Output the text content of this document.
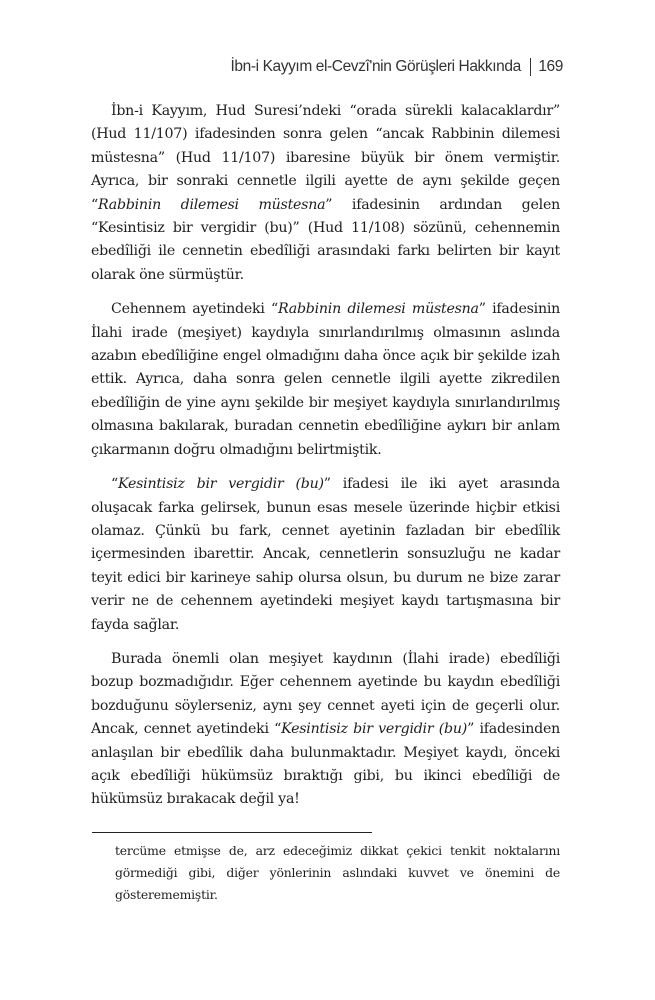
İbn-i Kayyım el-Cevzî'nin Görüşleri Hakkında 169

İbn-i Kayyım, Hud Suresi’ndeki “orada sürekli kalacaklardır” (Hud 11/107) ifadesinden sonra gelen “ancak Rabbinin dilemesi müstesna” (Hud 11/107) ibaresine büyük bir önem vermiştir. Ayrıca, bir sonraki cennetle ilgili ayette de aynı şekilde geçen “Rabbinin dilemesi müstesna” ifadesinin ardından gelen “Kesintisiz bir vergidir (bu)” (Hud 11/108) sözünü, cehennemin ebedîliği ile cennetin ebedîliği arasındaki farkı belirten bir kayıt olarak öne sürmüştür.

Cehennem ayetindeki “Rabbinin dilemesi müstesna” ifadesinin İlahi irade (meşiyet) kaydıyla sınırlandırılmış olmasının aslında azabın ebedîliğine engel olmadığını daha önce açık bir şekilde izah ettik. Ayrıca, daha sonra gelen cennetle ilgili ayette zikredilen ebedîliğin de yine aynı şekilde bir meşiyet kaydıyla sınırlandırılmış olmasına bakılarak, buradan cennetin ebedîliğine aykırı bir anlam çıkarmanın doğru olmadığını belirtmiştik.

“Kesintisiz bir vergidir (bu)” ifadesi ile iki ayet arasında oluşacak farka gelirsek, bunun esas mesele üzerinde hiçbir etkisi olamaz. Çünkü bu fark, cennet ayetinin fazladan bir ebedîlik içermesinden ibarettir. Ancak, cennetlerin sonsuzluğu ne kadar teyit edici bir karineye sahip olursa olsun, bu durum ne bize zarar verir ne de cehennem ayetindeki meşiyet kaydı tartışmasına bir fayda sağlar.

Burada önemli olan meşiyet kaydının (İlahi irade) ebedîliği bozup bozmadığıdır. Eğer cehennem ayetinde bu kaydın ebedîliği bozduğunu söylerseniz, aynı şey cennet ayeti için de geçerli olur. Ancak, cennet ayetindeki “Kesintisiz bir vergidir (bu)” ifadesinden anlaşılan bir ebedîlik daha bulunmaktadır. Meşiyet kaydı, önceki açık ebedîliği hükümsüz bıraktığı gibi, bu ikinci ebedîliği de hükümsüz bırakacak değil ya!

tercüme etmişse de, arz edeceğimiz dikkat çekici tenkit noktalarını görmediği gibi, diğer yönlerinin aslındaki kuvvet ve önemini de gösterememiştir.
